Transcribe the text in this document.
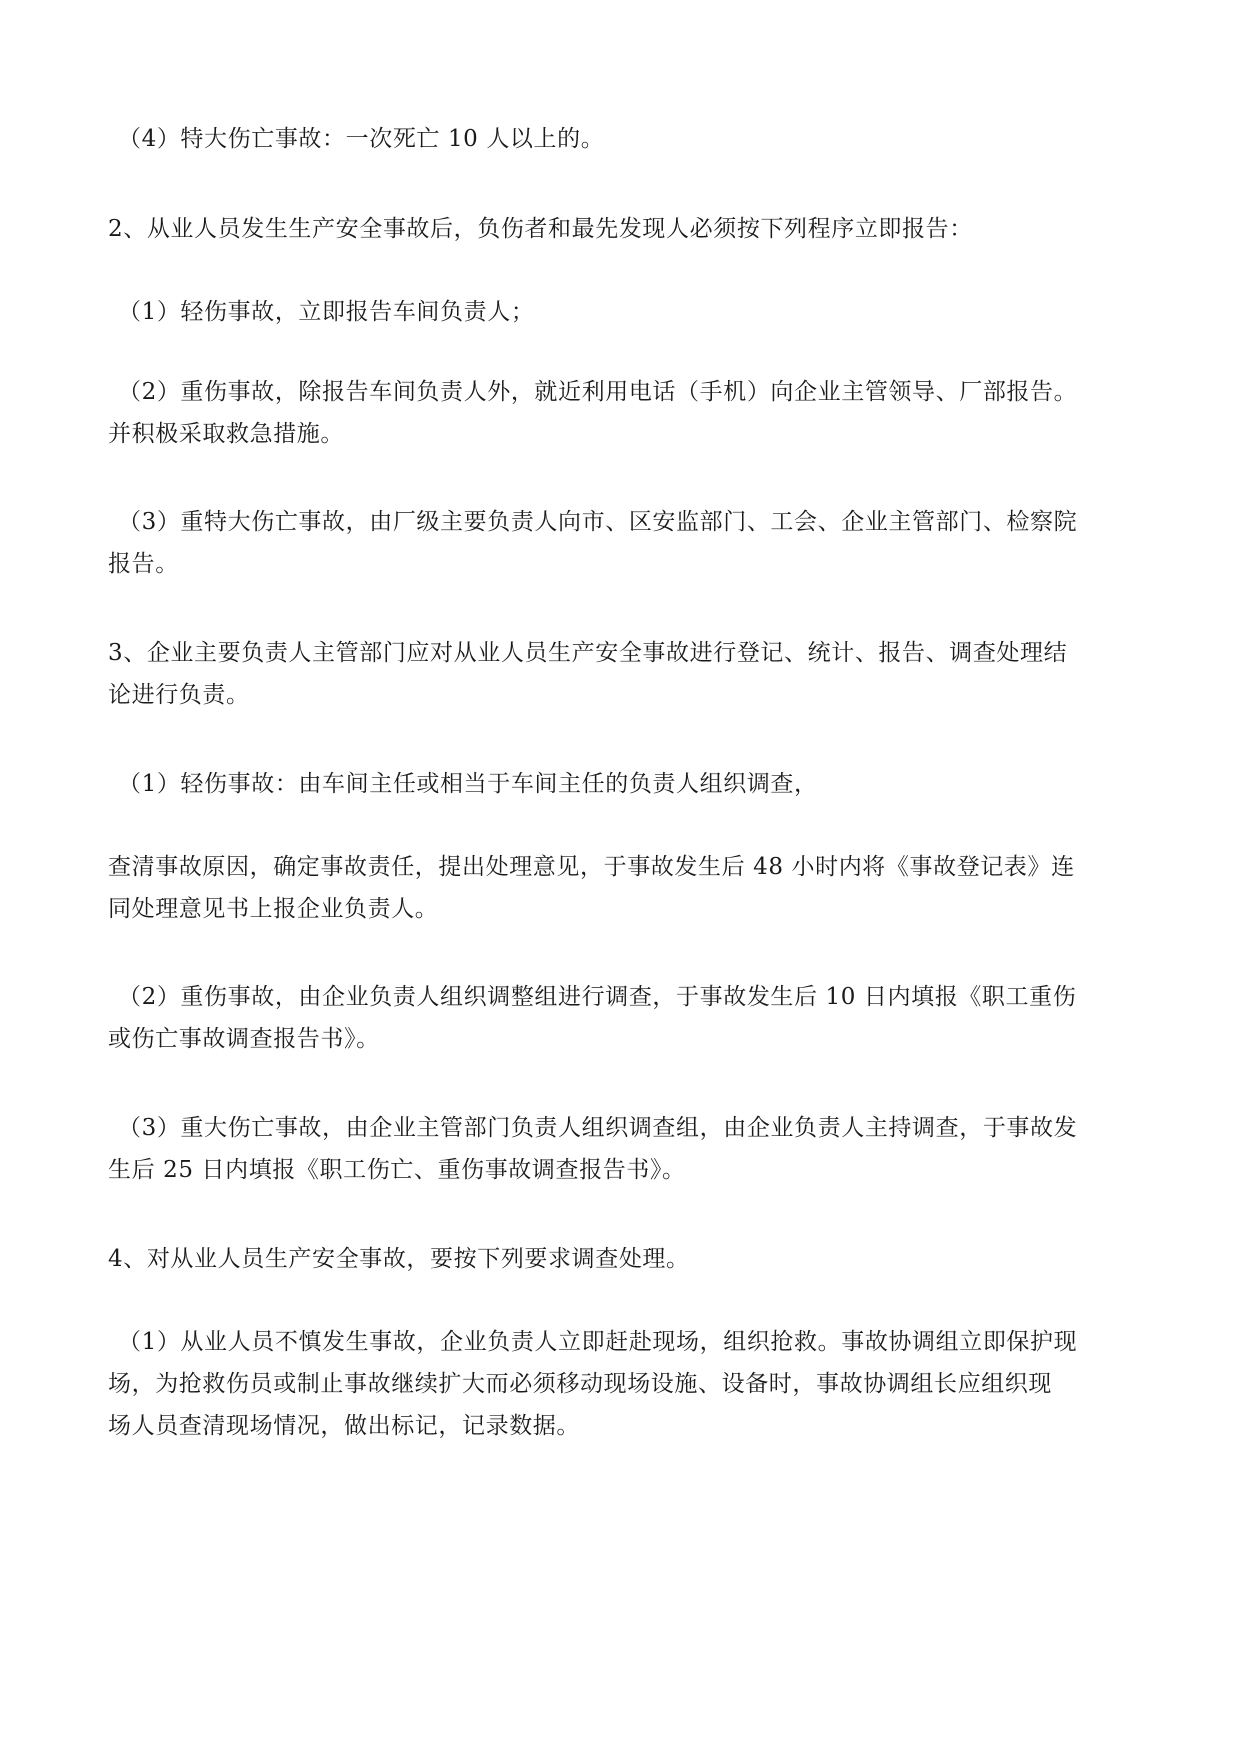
（4）特大伤亡事故：一次死亡 10 人以上的。

2、从业人员发生生产安全事故后，负伤者和最先发现人必须按下列程序立即报告：

（1）轻伤事故，立即报告车间负责人；

（2）重伤事故，除报告车间负责人外，就近利用电话（手机）向企业主管领导、厂部报告。
并积极采取救急措施。

（3）重特大伤亡事故，由厂级主要负责人向市、区安监部门、工会、企业主管部门、检察院
报告。

3、企业主要负责人主管部门应对从业人员生产安全事故进行登记、统计、报告、调查处理结
论进行负责。

（1）轻伤事故：由车间主任或相当于车间主任的负责人组织调查，

查清事故原因，确定事故责任，提出处理意见，于事故发生后 48 小时内将《事故登记表》连
同处理意见书上报企业负责人。

（2）重伤事故，由企业负责人组织调整组进行调查，于事故发生后 10 日内填报《职工重伤
或伤亡事故调查报告书》。

（3）重大伤亡事故，由企业主管部门负责人组织调查组，由企业负责人主持调查，于事故发
生后 25 日内填报《职工伤亡、重伤事故调查报告书》。

4、对从业人员生产安全事故，要按下列要求调查处理。

（1）从业人员不慎发生事故，企业负责人立即赶赴现场，组织抢救。事故协调组立即保护现
场，为抢救伤员或制止事故继续扩大而必须移动现场设施、设备时，事故协调组长应组织现
场人员查清现场情况，做出标记，记录数据。
